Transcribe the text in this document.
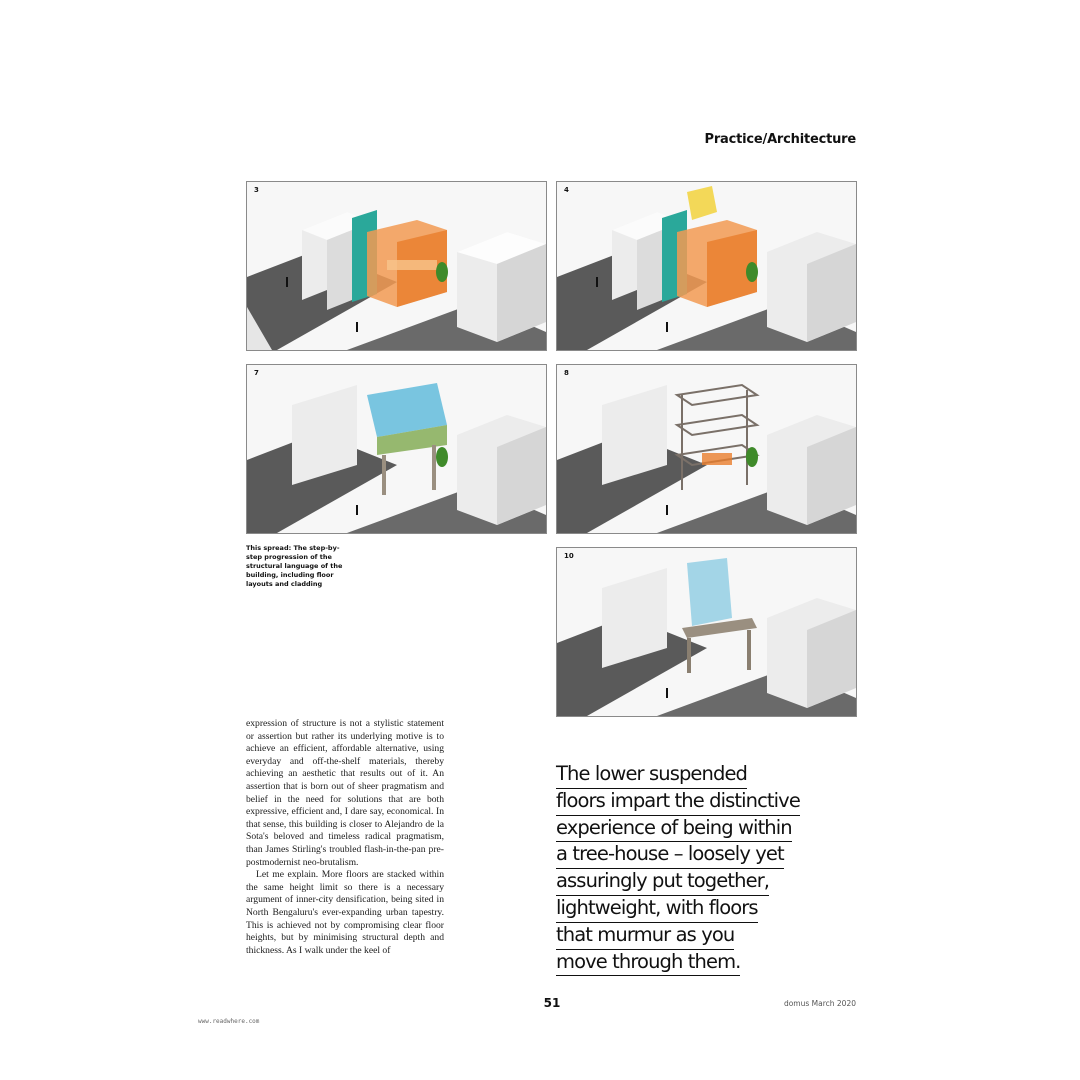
Practice/Architecture
3	4
7	8
10
This spread: The step-by-step progression of the structural language of the building, including floor layouts and cladding

expression of structure is not a stylistic statement or assertion but rather its underlying motive is to achieve an efficient, affordable alternative, using everyday and off-the-shelf materials, thereby achieving an aesthetic that results out of it. An assertion that is born out of sheer pragmatism and belief in the need for solutions that are both expressive, efficient and, I dare say, economical. In that sense, this building is closer to Alejandro de la Sota's beloved and timeless radical pragmatism, than James Stirling's troubled flash-in-the-pan pre-postmodernist neo-brutalism.

Let me explain. More floors are stacked within the same height limit so there is a necessary argument of inner-city densification, being sited in North Bengaluru's ever-expanding urban tapestry. This is achieved not by compromising clear floor heights, but by minimising structural depth and thickness. As I walk under the keel of

The lower suspended
floors impart the distinctive
experience of being within
a tree-house – loosely yet
assuringly put together,
lightweight, with floors
that murmur as you
move through them.
51	domus March 2020
www.readwhere.com
